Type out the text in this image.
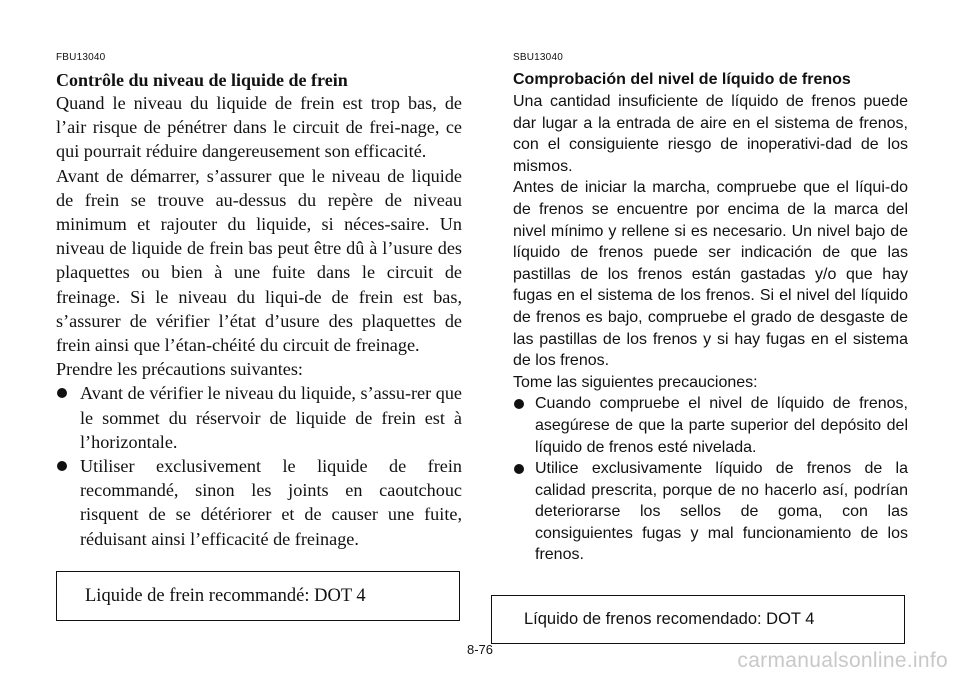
FBU13040

Contrôle du niveau de liquide de frein

Quand le niveau du liquide de frein est trop bas, de l’air risque de pénétrer dans le circuit de frei-nage, ce qui pourrait réduire dangereusement son efficacité.

Avant de démarrer, s’assurer que le niveau de liquide de frein se trouve au-dessus du repère de niveau minimum et rajouter du liquide, si néces-saire. Un niveau de liquide de frein bas peut être dû à l’usure des plaquettes ou bien à une fuite dans le circuit de freinage. Si le niveau du liqui-de de frein est bas, s’assurer de vérifier l’état d’usure des plaquettes de frein ainsi que l’étan-chéité du circuit de freinage.

Prendre les précautions suivantes:

Avant de vérifier le niveau du liquide, s’assu-rer que le sommet du réservoir de liquide de frein est à l’horizontale.
Utiliser exclusivement le liquide de frein recommandé, sinon les joints en caoutchouc risquent de se détériorer et de causer une fuite, réduisant ainsi l’efficacité de freinage.
Liquide de frein recommandé: DOT 4

SBU13040

Comprobación del nivel de líquido de frenos

Una cantidad insuficiente de líquido de frenos puede dar lugar a la entrada de aire en el sistema de frenos, con el consiguiente riesgo de inoperativi-dad de los mismos.

Antes de iniciar la marcha, compruebe que el líqui-do de frenos se encuentre por encima de la marca del nivel mínimo y rellene si es necesario. Un nivel bajo de líquido de frenos puede ser indicación de que las pastillas de los frenos están gastadas y/o que hay fugas en el sistema de los frenos. Si el nivel del líquido de frenos es bajo, compruebe el grado de desgaste de las pastillas de los frenos y si hay fugas en el sistema de los frenos.

Tome las siguientes precauciones:

Cuando compruebe el nivel de líquido de frenos, asegúrese de que la parte superior del depósito del líquido de frenos esté nivelada.
Utilice exclusivamente líquido de frenos de la calidad prescrita, porque de no hacerlo así, podrían deteriorarse los sellos de goma, con las consiguientes fugas y mal funcionamiento de los frenos.
Líquido de frenos recomendado: DOT 4
8-76	carmanualsonline.info
